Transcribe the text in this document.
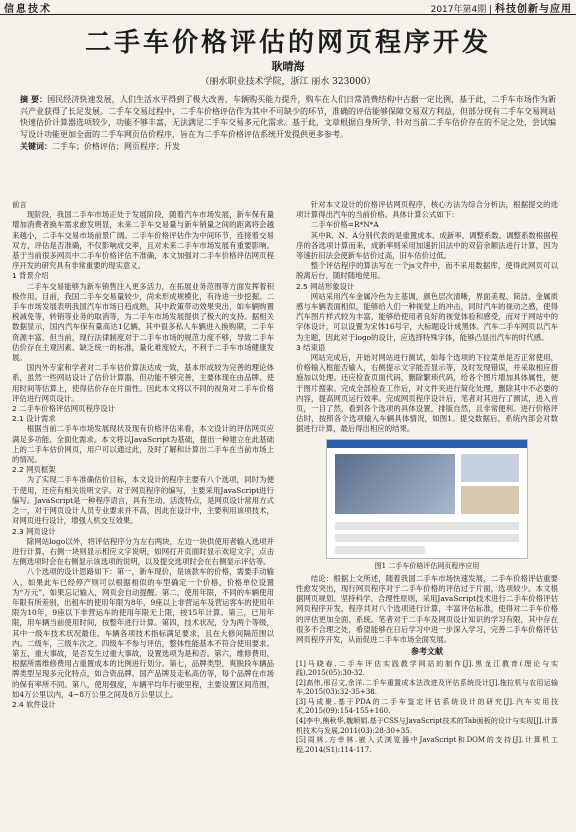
信息技术	2017年第4期 | 科技创新与应用
二手车价格评估的网页程序开发
耿晴海
（丽水职业技术学院，浙江 丽水 323000）
摘 要：国民经济快速发展，人们生活水平得到了极大改善，车辆购买能力提升，购车在人们日常消费结构中占据一定比例，基于此，二手车市场作为新兴产业获得了长足发展。二手车交易过程中，二手车价格评估作为其中不可缺少的环节，准确的评估能够保障交易双方利益，但部分现有二手车交易网站快速估价计算器选项较少，功能不够丰富，无法满足二手车交易多元化需求。基于此，文章根据自身所学，针对当前二手车估价存在的不足之处，尝试编写设计功能更加全面的二手车网页估价程序，旨在为二手车价格评估系统开发提供更多参考。
关键词：二手车；价格评估；网页程序；开发

前言

现阶段，我国二手车市场正处于发展阶段，随着汽车市场发展，新车保有量增加消费者换车需求愈发明显，未来二手车交易量与新车销量之间的距离将会越来越小，二手车交易市场前景广阔。二手车价格评估作为中间环节，连接着交易双方，评估是否准确，不仅影响成交率，且对未来二手车市场发展有重要影响。基于当前很多网页中二手车价格评估不准确，本文加强对二手车价格评估网页程序开发的研究具有非常重要的现实意义。

1 背景介绍

二手车交易能够为新车销售注入更多活力，在拓展业务范围等方面发挥着积极作用。目前，我国二手车交易量较少，尚未形成规模化，有待进一步挖掘。二手车市场发展表明我国汽车市场日趋成熟，其中政策带动效果突出，如车辆购置税减免等，转销等业务的取消等，为二手车市场发展提供了极大的支持。据相关数据显示，国内汽车保有量高达1亿辆，其中很多私人车辆进入换购期，二手车资源丰富。但当前，现行法律制度对于二手车市场的规范力度不够，导致二手车估价存在主观因素、缺乏统一的标准，量化难度较大，不利于二手车市场健康发展。

国内外专家和学者对二手车估价算法达成一致，基本形成较为完善的理论体系，虽然一些网站设计了估价计算器，但功能不够完善，主要体现在由品牌、使用时间等估算上，使得估价存在片面性。因此本文将以不同的视角对二手车价格评估进行网页设计。

2 二手车价格评估网页程序设计

2.1 设计需求

根据当前二手车市场发展现状及现有价格评估来看，本文设计的评估网页应满足多功能、全面化需求。本文将以JavaScript为基础，提出一种建立在此基础上的二手车估价网页，用户可以通过此，及时了解和计算出二手车在当前市场上的情况。

2.2 网页框架

为了实现二手车准确估价目标，本文设计的程序主要有八个选项，同时为便于使用，还应有相关说明文字。对于网页程序的编写，主要采用JavaScript进行编写。JavaScript是一种程序语言，具有生动、活泼特点，是网页设计常用方式之一，对于网页设计人员专业要求并不高，因此在设计中，主要利用该项技术，对网页进行设计，增强人机交互效果。

2.3 网页设计

除网站logo以外，将评估程序分为左右两块，左边一块供使用者输入选项并进行计算，右侧一块则显示相应文字说明，如网打开页面时显示欢迎文字，点击左侧选项时会在右侧显示该选项的说明，以及提交选项时会在右侧显示评估等。

八个选项的设计思路如下：第一，新车现价，是该款车的价格，需要手动输入，如果此车已经停产则可以根据相似的车型确定一个价格，价格单位设置为“万元”，如果忘记输入，网页会自动提醒。第二，使用年限，不同的车辆使用年限有所差别，出租车的使用年限为8年，9座以上非营运车及营运客车的使用年限为10年，9座以下非营运车的使用年限无上限，按15年计算。第三，已用年限，用车辆当前使用时间，按整年进行计算。第四，技术状况，分为两个等级，其中一级车技术状况最佳。车辆各项技术指标满足要求，且在大修间隔范围以内。二级车，三级车次之。四级车不参与评估，整体性能基本不符合使用要求。第五，重大事故，是否发生过重大事故，设置选项为是和否。第六，维修费用，根据所需维修费用占重置成本的比例进行划分。第七，品牌类型，爽脱段车辆品牌类型呈现多元化特点，如合资品牌、国产品牌及走私高仿等，每个品牌在市场的保有率所不同。第八，使用强度，车辆平均年行驶里程，主要设置区间范围，如4万公里以内，4~8万公里之间及8万公里以上。

2.4 软件设计

针对本文设计的价格评估网页程序，核心方法为综合分析法，根据提交的选项计算得出汽车的当前价格。具体计算公式如下：

二手车价格=R*N*A

其中R、N、A分别代表的是重置成本、成新率、调整系数。调整系数根据程序的各选项计算而来，成新率则采用加速折旧法中的双倍余额法进行计算，因为等速折旧法会使新车估价过高，旧车估价过低。

整个评估程序的算法写在一个js文件中，而不采用数据库，使得此网页可以脱离后台，随时随地使用。

2.5 网站形象设计

网站采用汽车金属冷色为主基调，颜色层次清晰，界面美观、简洁。金属质感与车辆表面相似，能够给人们一种视觉上的冲击，同时汽车的视动之感，使得汽车图片样式较为丰富，能够给使用者良好的视觉体验和感受，而对于网站中的字体设计，可以设置为宋体16号字，大标题设计成黑体。汽车二手车网页以汽车为主题，因此对于logo的设计，应选择特殊字体，能够凸显出汽车的时代感。

3 结束语

网站完成后，开始对网站进行测试，如每个选项的下拉菜单是否正常使用，价格输入框能否输入，右侧提示文字能否显示等，及时发现错误，并采取相应措施加以处理。还应检查页面代码，删除繁琐代码，给各个图片增加具体属性，便于图片搜索。完成全部检查工作后，对文件夹进行简化处理，删除其中不必要的内容，提高网页运行效率。完成网页程序设计后，笔者对其进行了测试，进入首页，一目了然，看到各个选项的具体设置，排版自然，且非常便利。进行价格评估时，按照各个选项输入车辆具体情况，如图1。提交数据后，系统内部会对数据进行计算，最后得出相应的结果。

图1 二手车价格评估网页程序应用

结论：根据上文所述，随着我国二手车市场快速发展，二手车价格评估重要性愈发突出，现行网页程序对于二手车价格的评估过于片面，选项较少。本文根据网页规划、坚持科学、合理性原则，采用JavaScript技术进行二手车价格评估网页程序开发，程序共对八个选项进行计算，丰富评估标准，使得对二手车价格的评估更加全面、系统。笔者对于二手车及网页设计知识的学习有限，其中存在很多不合理之处，希望能够在日后学习中进一步深入学习，完善二手车价格评估网页程序开发，从而促进二手车市场全面发展。

参考文献

[1]马晓春.二手车评估实践教学网站的制作[J].黑龙江教育(理论与实践),2015(05):30-32.

[2]高伟,邢召文,余洋.二手车重置成本法改进及评估系统设计[J].拖拉机与农用运输车,2015(03):32-35+38.

[3]马成聚.基于PDA的二手车鉴定评估系统设计的研究[J].汽车实用技术,2015(09):154-155+160.

[4]李中,熊秋华,魏顺娟.基于CSS与JavaScript技术的Tab面板的设计与实现[J].计算机技术与发展,2011(03):28-30+35.

[5]周林,方幸林.嵌入式浏览器中JavaScript和DOM的支持[J].计算机工程,2014(S1):114-117.
